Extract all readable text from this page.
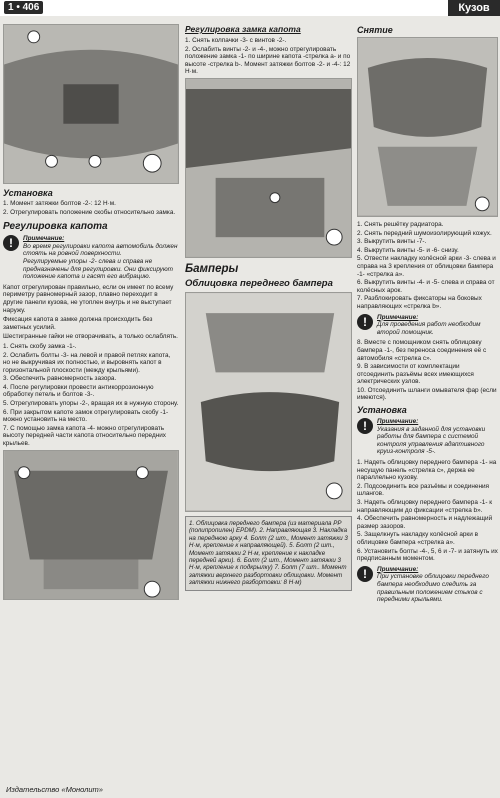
1 • 406	Кузов
Установка
1. Момент затяжки болтов -2-: 12 Н·м.
2. Отрегулировать положение скобы относительно замка.
Регулировка капота
!	Примечание:
Во время регулировки капота автомобиль должен стоять на ровной поверхности.
Регулируемые упоры -2- слева и справа не предназначены для регулировки. Они фиксируют положение капота и гасят его вибрацию.

Капот отрегулирован правильно, если он имеет по всему периметру равномерный зазор, плавно переходит в другие панели кузова, не утоплен внутрь и не выступает наружу.

Фиксация капота в замке должна происходить без заметных усилий.

Шестигранные гайки не отворачивать, а только ослаблять.

1. Снять скобу замка -1-.
2. Ослабить болты -3- на левой и правой петлях капота, но не выкручивая их полностью, и выровнять капот в горизонтальной плоскости (между крыльями).
3. Обеспечить равномерность зазора.
4. После регулировки провести антикоррозионную обработку петель и болтов -3-.
5. Отрегулировать упоры -2-, вращая их в нужную сторону.
6. При закрытом капоте замок отрегулировать скобу -1- можно установить на место.
7. С помощью замка капота -4- можно отрегулировать высоту передней части капота относительно передних крыльев.
Регулировка замка капота
1. Снять колпачки -3- с винтов -2-.
2. Ослабить винты -2- и -4-, можно отрегулировать положение замка -1- по ширине капота -стрелка а- и по высоте -стрелка b-. Момент затяжки болтов -2- и -4-: 12 Н·м.
Бамперы
Облицовка переднего бампера

1. Облицовка переднего бампера (из материала PP (полипропилен) EPDM). 2. Направляющая 3. Накладка на переднюю арку 4. Болт (2 шт., Момент затяжки 3 Н·м, крепление к направляющей). 5. Болт (2 шт., Момент затяжки 2 Н·м, крепление к накладке передней арки). 6. Болт (2 шт., Момент затяжки 3 Н·м, крепление к подкрылку) 7. Болт (7 шт.. Момент затяжки верхнего разбортовки облицовки. Момент затяжки нижнего разбортовки: 8 Н·м)

Снятие
1. Снять решётку радиатора.
2. Снять передний шумоизолирующий кожух.
3. Выкрутить винты -7-.
4. Выкрутить винты -5- и -6- снизу.
5. Отвести накладку колёсной арки -3- слева и справа на 3 крепления от облицовки бампера -1- «стрелка а».
6. Выкрутить винты -4- и -5- слева и справа от колёсных арок.
7. Разблокировать фиксаторы на боковых направляющих «стрелка b».
!	Примечание:
Для проведения работ необходим второй помощник.
8. Вместе с помощником снять облицовку бампера -1-, без переноса соединения её с автомобиля «стрелка с».
9. В зависимости от комплектации отсоединить разъёмы всех имеющихся электрических узлов.
10. Отсоединить шланги омывателя фар (если имеются).
Установка
!	Примечание:
Указания в заданной для установки работы для бампера с системой контроля управления адаптивного круиз-контроля -5-.
1. Надеть облицовку переднего бампера -1- на несущую панель «стрелка с», держа ее параллельно кузову.
2. Подсоединить все разъёмы и соединения шлангов.
3. Надеть облицовку переднего бампера -1- к направляющим до фиксации «стрелка b».
4. Обеспечить равномерность и надлежащий размер зазоров.
5. Защелкнуть накладку колёсной арки в облицовке бампера «стрелка а».
6. Установить болты -4-, 5, 6 и -7- и затянуть их предписанным моментом.
!	Примечание:
При установке облицовки переднего бампера необходимо следить за правильным положением стыков с передними крыльями.
Издательство «Монолит»
